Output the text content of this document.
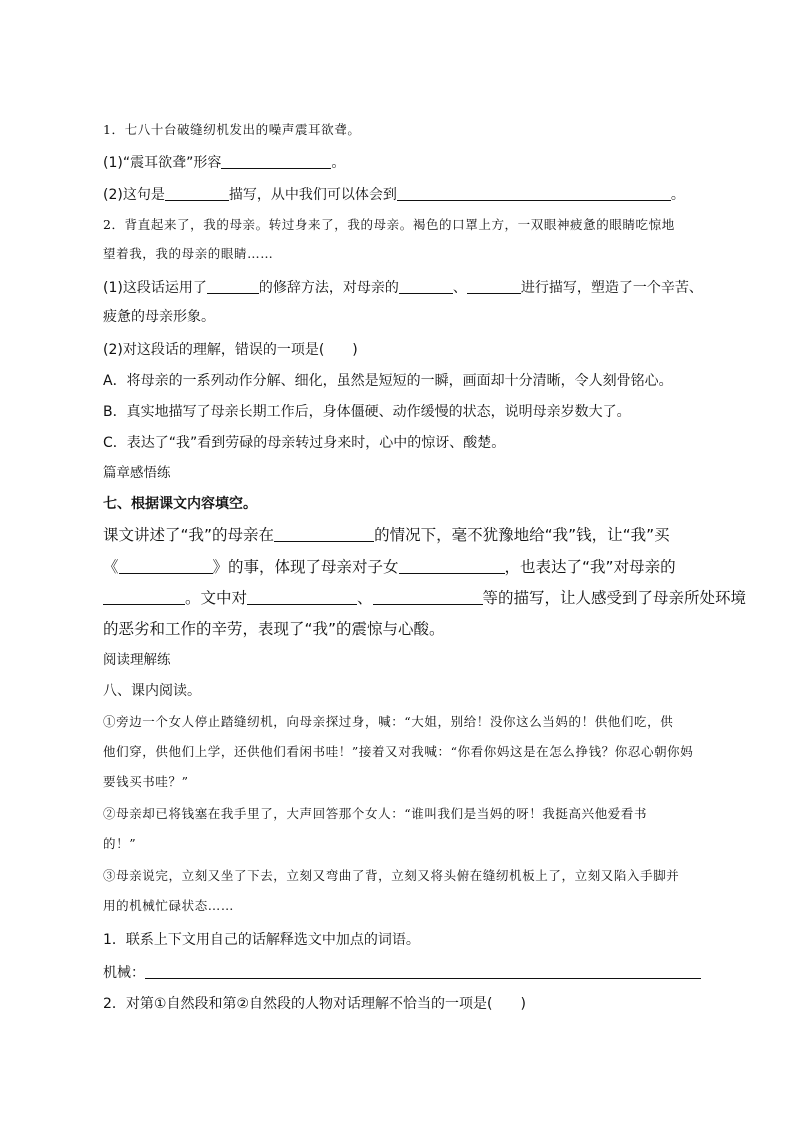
1．七八十台破缝纫机发出的噪声震耳欲聋。
(1)“震耳欲聋”形容	。
(2)这句是	描写，从中我们可以体会到	。
2．背直起来了，我的母亲。转过身来了，我的母亲。褐色的口罩上方，一双眼神疲惫的眼睛吃惊地
望着我，我的母亲的眼睛……
(1)这段话运用了	的修辞方法，对母亲的	、	进行描写，塑造了一个辛苦、
疲惫的母亲形象。
(2)对这段话的理解，错误的一项是(　　)
A．将母亲的一系列动作分解、细化，虽然是短短的一瞬，画面却十分清晰，令人刻骨铭心。
B．真实地描写了母亲长期工作后，身体僵硬、动作缓慢的状态，说明母亲岁数大了。
C．表达了“我”看到劳碌的母亲转过身来时，心中的惊讶、酸楚。
篇章感悟练
七、根据课文内容填空。
课文讲述了“我”的母亲在	的情况下，毫不犹豫地给“我”钱，让“我”买
《	》的事，体现了母亲对子女	，也表达了“我”对母亲的
。文中对	、	等的描写，让人感受到了母亲所处环境
的恶劣和工作的辛劳，表现了“我”的震惊与心酸。
阅读理解练
八、课内阅读。
①旁边一个女人停止踏缝纫机，向母亲探过身，喊：“大姐，别给！没你这么当妈的！供他们吃，供
他们穿，供他们上学，还供他们看闲书哇！”接着又对我喊：“你看你妈这是在怎么挣钱？你忍心朝你妈
要钱买书哇？”
②母亲却已将钱塞在我手里了，大声回答那个女人：“谁叫我们是当妈的呀！我挺高兴他爱看书
的！”
③母亲说完，立刻又坐了下去，立刻又弯曲了背，立刻又将头俯在缝纫机板上了，立刻又陷入手脚并
用的机械忙碌状态……
1．联系上下文用自己的话解释选文中加点的词语。
机械：
2．对第①自然段和第②自然段的人物对话理解不恰当的一项是(　　)
